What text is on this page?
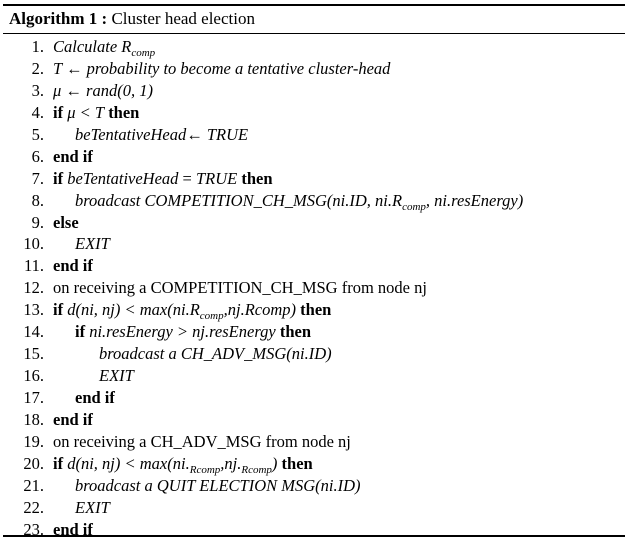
Algorithm 1 : Cluster head election
1. Calculate $R_{comp}$
2. T ← probability to become a tentative cluster-head
3. μ ← rand(0, 1)
4. if μ < T then
5. beTentativeHead← TRUE
6. end if
7. if beTentativeHead = TRUE then
8. broadcast COMPETITION_CH_MSG(ni.ID, $ni.R_{comp}$, ni.resEnergy)
9. else
10. EXIT
11. end if
12. on receiving a COMPETITION_CH_MSG from node nj
13. if d(ni, $nj) < \max(ni.R_{comp},nj.Rcomp)$ then
14. if ni.resEnergy > nj.resEnergy then
15.	broadcast a CH_ADV_MSG(ni.ID)
16.	EXIT
17. end if
18. end if
19. on receiving a CH_ADV_MSG from node nj
20. if d(ni, $nj) < \max(ni._{Rcomp},nj._{Rcomp})$ then
21. broadcast a QUIT ELECTION MSG(ni.ID)
22. EXIT
23. end if
